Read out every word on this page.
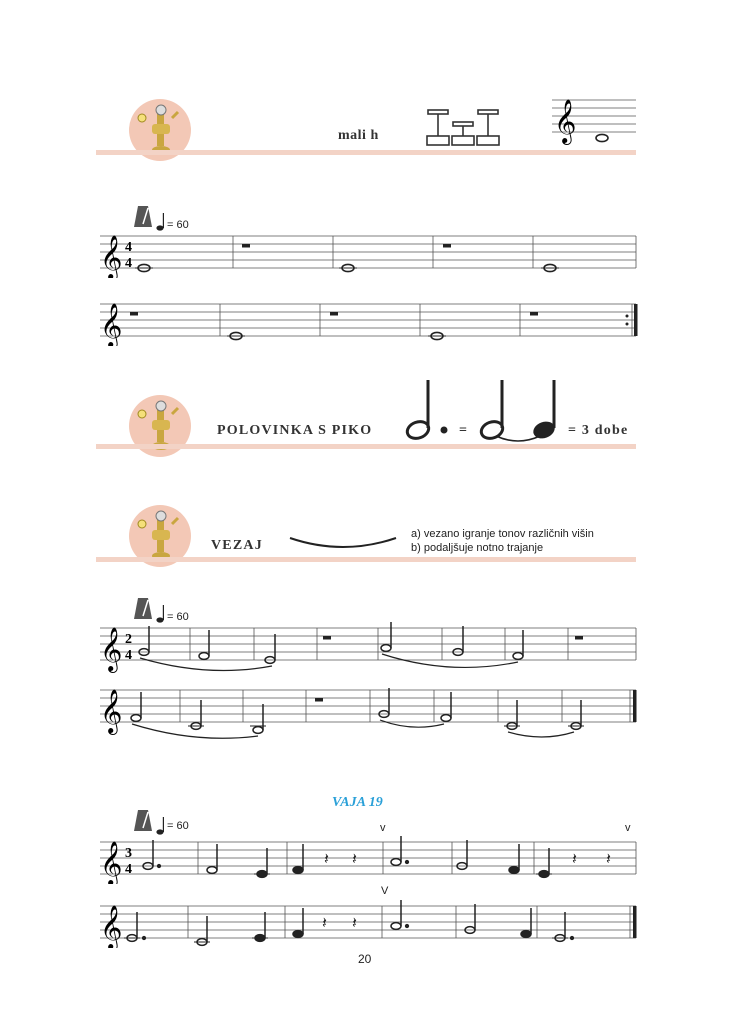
mali h	𝄞
= 60
𝄞 4
4
𝄞
POLOVINKA S PIKO	=	= 3 dobe
VEZAJ
a) vezano igranje tonov različnih višin
b) podaljšuje notno trajanje
= 60
𝄞 2
4
𝄞
VAJA 19
= 60	v	v
𝄞 3
4
𝄽 𝄽	𝄽 𝄽
V
𝄞	𝄽 𝄽
20
